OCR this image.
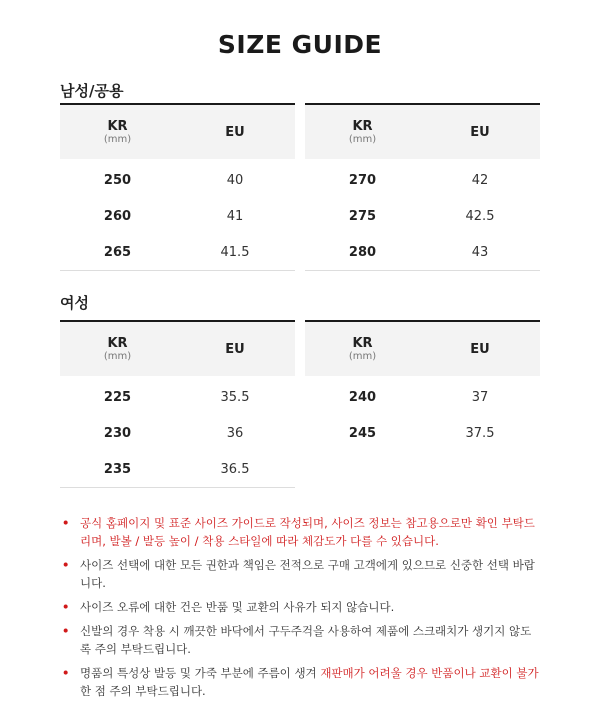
SIZE GUIDE
남성/공용
KR
(mm)	EU
250	40
260	41
265	41.5
KR
(mm)	EU
270	42
275	42.5
280	43
여성
KR
(mm)	EU
225	35.5
230	36
235	36.5
KR
(mm)	EU
240	37
245	37.5
• 공식 홈페이지 및 표준 사이즈 가이드로 작성되며, 사이즈 정보는 참고용으로만 확인 부탁드리며, 발볼 / 발등 높이 / 착용 스타일에 따라 체감도가 다를 수 있습니다.
• 사이즈 선택에 대한 모든 권한과 책임은 전적으로 구매 고객에게 있으므로 신중한 선택 바랍니다.
• 사이즈 오류에 대한 건은 반품 및 교환의 사유가 되지 않습니다.
• 신발의 경우 착용 시 깨끗한 바닥에서 구두주걱을 사용하여 제품에 스크래치가 생기지 않도록 주의 부탁드립니다.
• 명품의 특성상 발등 및 가죽 부분에 주름이 생겨 재판매가 어려울 경우 반품이나 교환이 불가한 점 주의 부탁드립니다.
